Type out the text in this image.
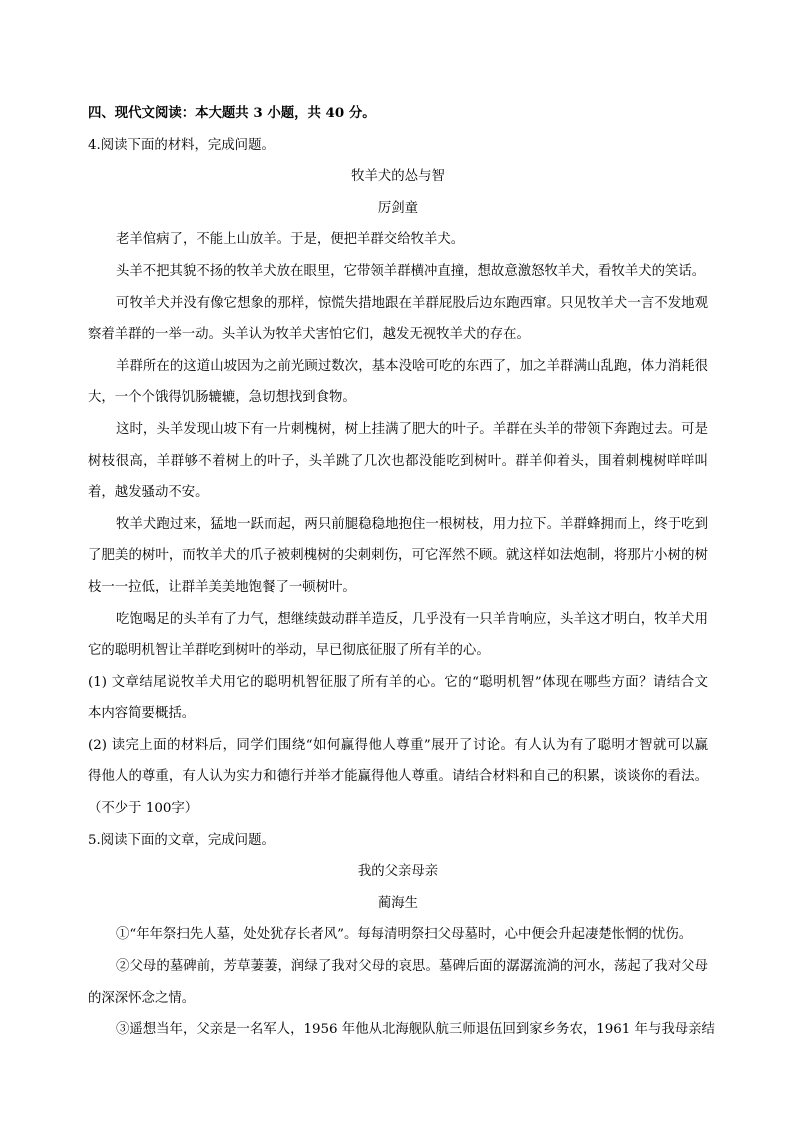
四、现代文阅读：本大题共 3 小题，共 40 分。
4.阅读下面的材料，完成问题。
牧羊犬的怂与智
厉剑童
老羊倌病了，不能上山放羊。于是，便把羊群交给牧羊犬。
头羊不把其貌不扬的牧羊犬放在眼里，它带领羊群横冲直撞，想故意激怒牧羊犬，看牧羊犬的笑话。
可牧羊犬并没有像它想象的那样，惊慌失措地跟在羊群屁股后边东跑西窜。只见牧羊犬一言不发地观
察着羊群的一举一动。头羊认为牧羊犬害怕它们，越发无视牧羊犬的存在。
羊群所在的这道山坡因为之前光顾过数次，基本没啥可吃的东西了，加之羊群满山乱跑，体力消耗很
大，一个个饿得饥肠辘辘，急切想找到食物。
这时，头羊发现山坡下有一片刺槐树，树上挂满了肥大的叶子。羊群在头羊的带领下奔跑过去。可是
树枝很高，羊群够不着树上的叶子，头羊跳了几次也都没能吃到树叶。群羊仰着头，围着刺槐树咩咩叫
着，越发骚动不安。
牧羊犬跑过来，猛地一跃而起，两只前腿稳稳地抱住一根树枝，用力拉下。羊群蜂拥而上，终于吃到
了肥美的树叶，而牧羊犬的爪子被刺槐树的尖刺刺伤，可它浑然不顾。就这样如法炮制，将那片小树的树
枝一一拉低，让群羊美美地饱餐了一顿树叶。
吃饱喝足的头羊有了力气，想继续鼓动群羊造反，几乎没有一只羊肯响应，头羊这才明白，牧羊犬用
它的聪明机智让羊群吃到树叶的举动，早已彻底征服了所有羊的心。
(1) 文章结尾说牧羊犬用它的聪明机智征服了所有羊的心。它的“聪明机智”体现在哪些方面？请结合文
本内容简要概括。
(2) 读完上面的材料后，同学们围绕“如何赢得他人尊重”展开了讨论。有人认为有了聪明才智就可以赢
得他人的尊重，有人认为实力和德行并举才能赢得他人尊重。请结合材料和自己的积累，谈谈你的看法。
（不少于 100字）
5.阅读下面的文章，完成问题。
我的父亲母亲
蔺海生
①“年年祭扫先人墓，处处犹存长者风”。每每清明祭扫父母墓时，心中便会升起凄楚怅惘的忧伤。
②父母的墓碑前，芳草萋萋，润绿了我对父母的哀思。墓碑后面的潺潺流淌的河水，荡起了我对父母
的深深怀念之情。
③遥想当年，父亲是一名军人，1956 年他从北海舰队航三师退伍回到家乡务农，1961 年与我母亲结
